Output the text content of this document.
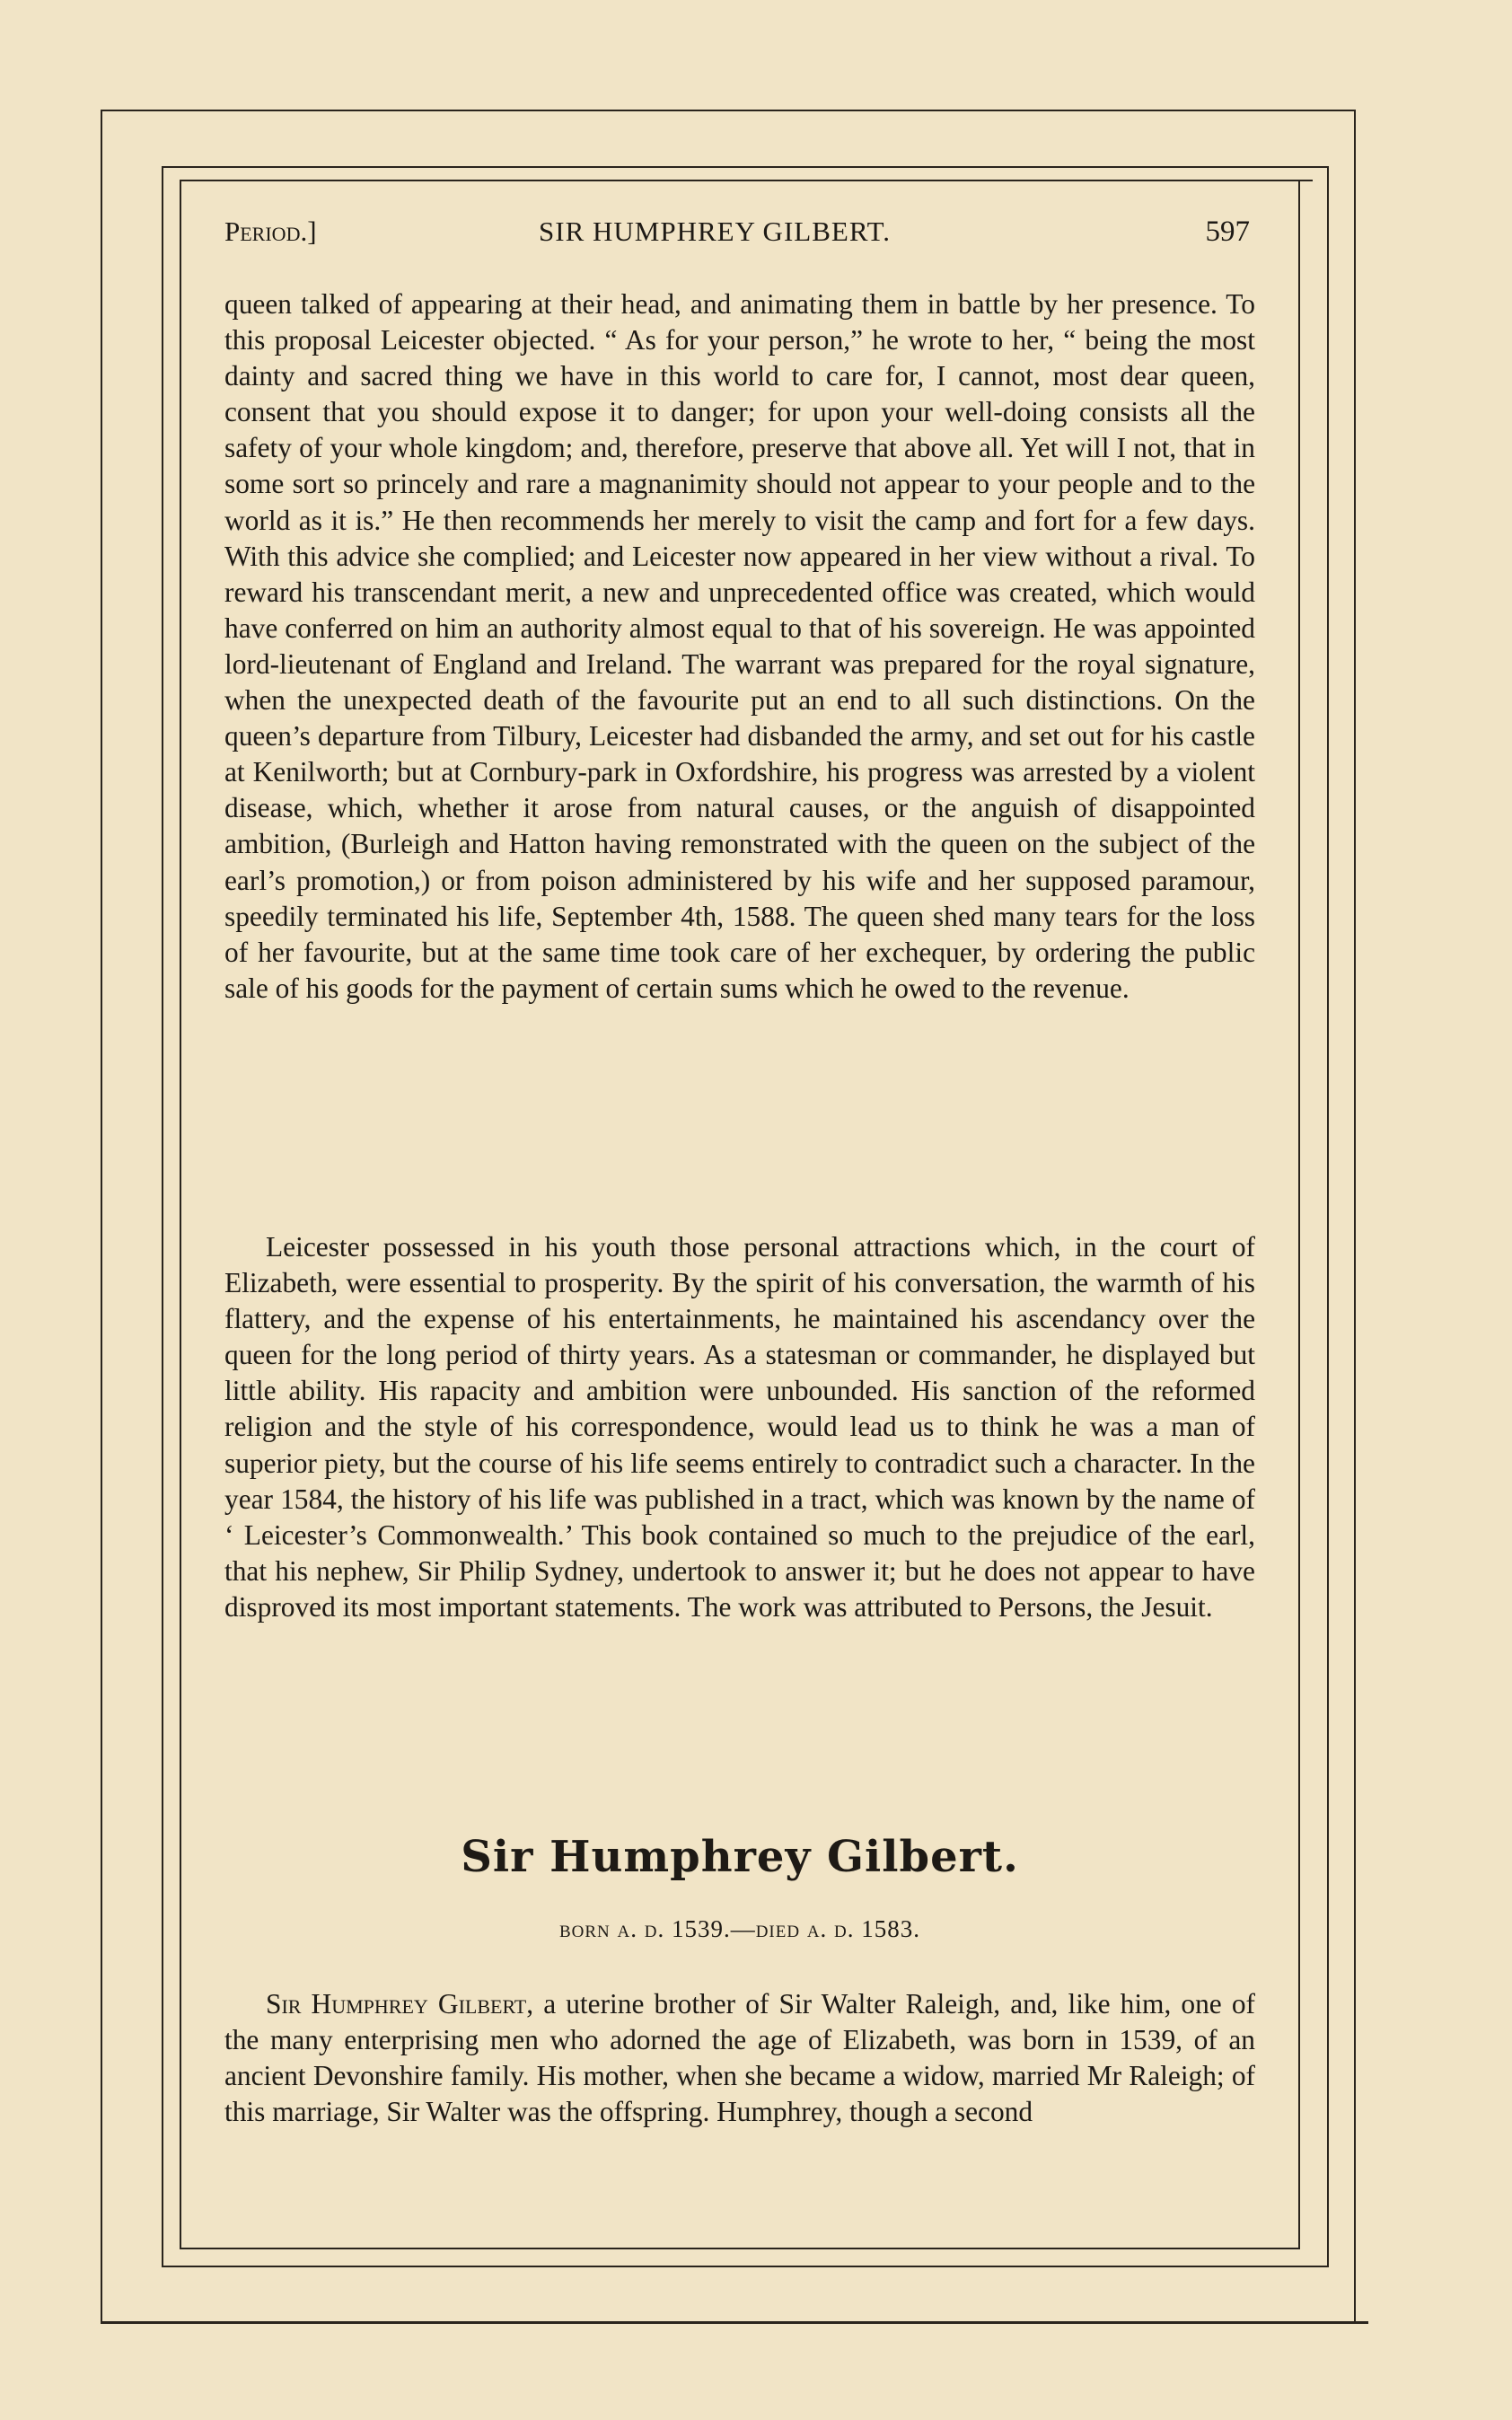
Period.]	SIR HUMPHREY GILBERT.	597

queen talked of appearing at their head, and animating them in battle by her presence. To this proposal Leicester objected. “ As for your person,” he wrote to her, “ being the most dainty and sacred thing we have in this world to care for, I cannot, most dear queen, consent that you should expose it to danger; for upon your well-doing consists all the safety of your whole kingdom; and, therefore, preserve that above all. Yet will I not, that in some sort so princely and rare a magnanimity should not appear to your people and to the world as it is.” He then recommends her merely to visit the camp and fort for a few days. With this advice she complied; and Leicester now appeared in her view without a rival. To reward his transcendant merit, a new and unprecedented office was created, which would have conferred on him an authority almost equal to that of his sovereign. He was appointed lord-lieutenant of England and Ireland. The warrant was prepared for the royal signature, when the unexpected death of the favourite put an end to all such distinctions. On the queen’s departure from Tilbury, Leicester had disbanded the army, and set out for his castle at Kenilworth; but at Cornbury-park in Oxfordshire, his progress was arrested by a violent disease, which, whether it arose from natural causes, or the anguish of disappointed ambition, (Burleigh and Hatton having remonstrated with the queen on the subject of the earl’s promotion,) or from poison administered by his wife and her supposed paramour, speedily terminated his life, September 4th, 1588. The queen shed many tears for the loss of her favourite, but at the same time took care of her exchequer, by ordering the public sale of his goods for the payment of certain sums which he owed to the revenue.

Leicester possessed in his youth those personal attractions which, in the court of Elizabeth, were essential to prosperity. By the spirit of his conversation, the warmth of his flattery, and the expense of his entertainments, he maintained his ascendancy over the queen for the long period of thirty years. As a statesman or commander, he displayed but little ability. His rapacity and ambition were unbounded. His sanction of the reformed religion and the style of his correspondence, would lead us to think he was a man of superior piety, but the course of his life seems entirely to contradict such a character. In the year 1584, the history of his life was published in a tract, which was known by the name of ‘ Leicester’s Commonwealth.’ This book contained so much to the prejudice of the earl, that his nephew, Sir Philip Sydney, undertook to answer it; but he does not appear to have disproved its most important statements. The work was attributed to Persons, the Jesuit.

Sir Humphrey Gilbert.
born a. d. 1539.—died a. d. 1583.

Sir Humphrey Gilbert, a uterine brother of Sir Walter Raleigh, and, like him, one of the many enterprising men who adorned the age of Elizabeth, was born in 1539, of an ancient Devonshire family. His mother, when she became a widow, married Mr Raleigh; of this marriage, Sir Walter was the offspring. Humphrey, though a second
